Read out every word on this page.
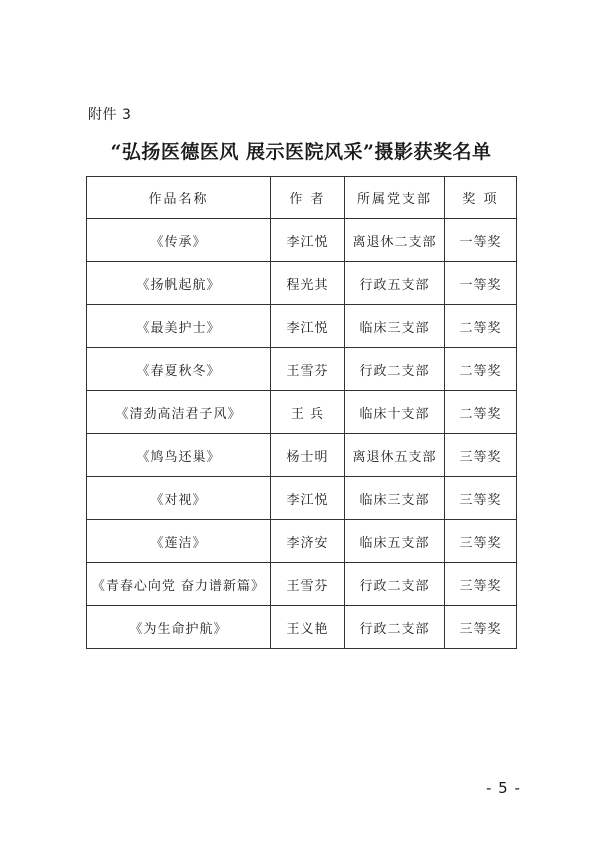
附件 3
“弘扬医德医风 展示医院风采”摄影获奖名单
作品名称	作 者	所属党支部	奖 项
《传承》	李江悦	离退休二支部	一等奖
《扬帆起航》	程光其	行政五支部	一等奖
《最美护士》	李江悦	临床三支部	二等奖
《春夏秋冬》	王雪芬	行政二支部	二等奖
《清劲高洁君子风》	王 兵	临床十支部	二等奖
《鸠鸟还巢》	杨士明	离退休五支部	三等奖
《对视》	李江悦	临床三支部	三等奖
《莲洁》	李济安	临床五支部	三等奖
《青春心向党 奋力谱新篇》	王雪芬	行政二支部	三等奖
《为生命护航》	王义艳	行政二支部	三等奖
- 5 -
